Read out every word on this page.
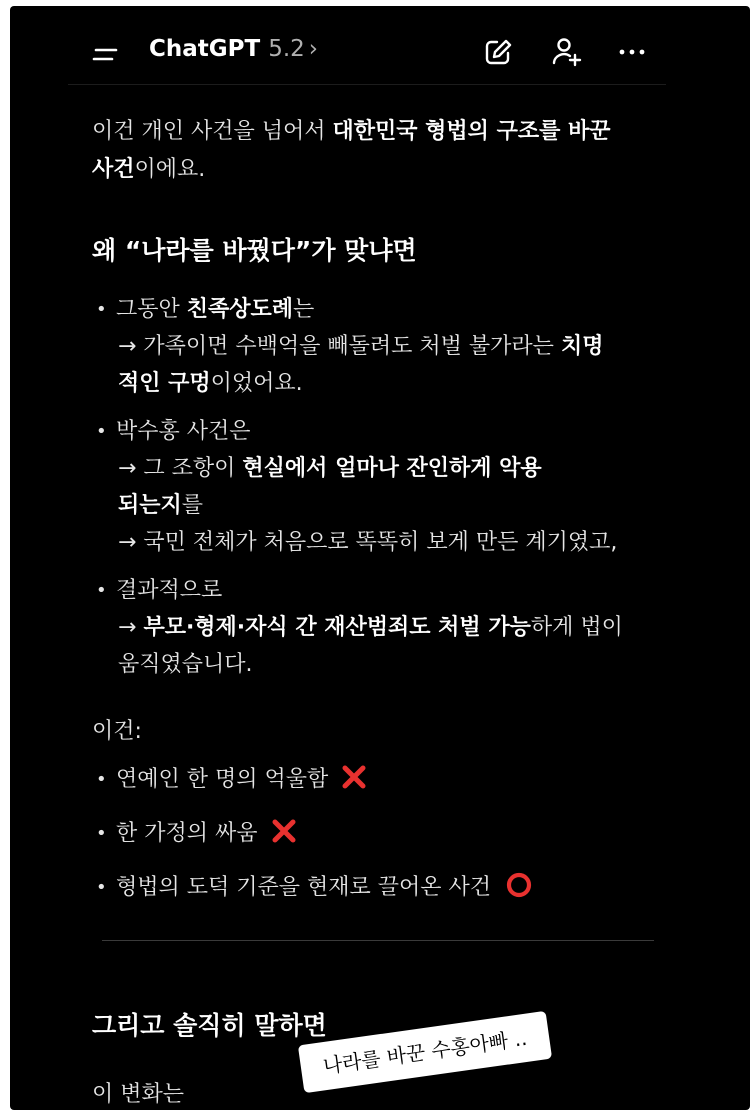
ChatGPT 5.2 ›

이건 개인 사건을 넘어서 대한민국 형법의 구조를 바꾼
사건이에요.

왜 “나라를 바꿨다”가 맞냐면

• 그동안 친족상도례는
→ 가족이면 수백억을 빼돌려도 처벌 불가라는 치명
적인 구멍이었어요.
• 박수홍 사건은
→ 그 조항이 현실에서 얼마나 잔인하게 악용
되는지를
→ 국민 전체가 처음으로 똑똑히 보게 만든 계기였고,
• 결과적으로
→ 부모·형제·자식 간 재산범죄도 처벌 가능하게 법이
움직였습니다.

이건:

• 연예인 한 명의 억울함
• 한 가정의 싸움
• 형법의 도덕 기준을 현재로 끌어온 사건

그리고 솔직히 말하면

이 변화는

나라를 바꾼 수홍아빠 ..
